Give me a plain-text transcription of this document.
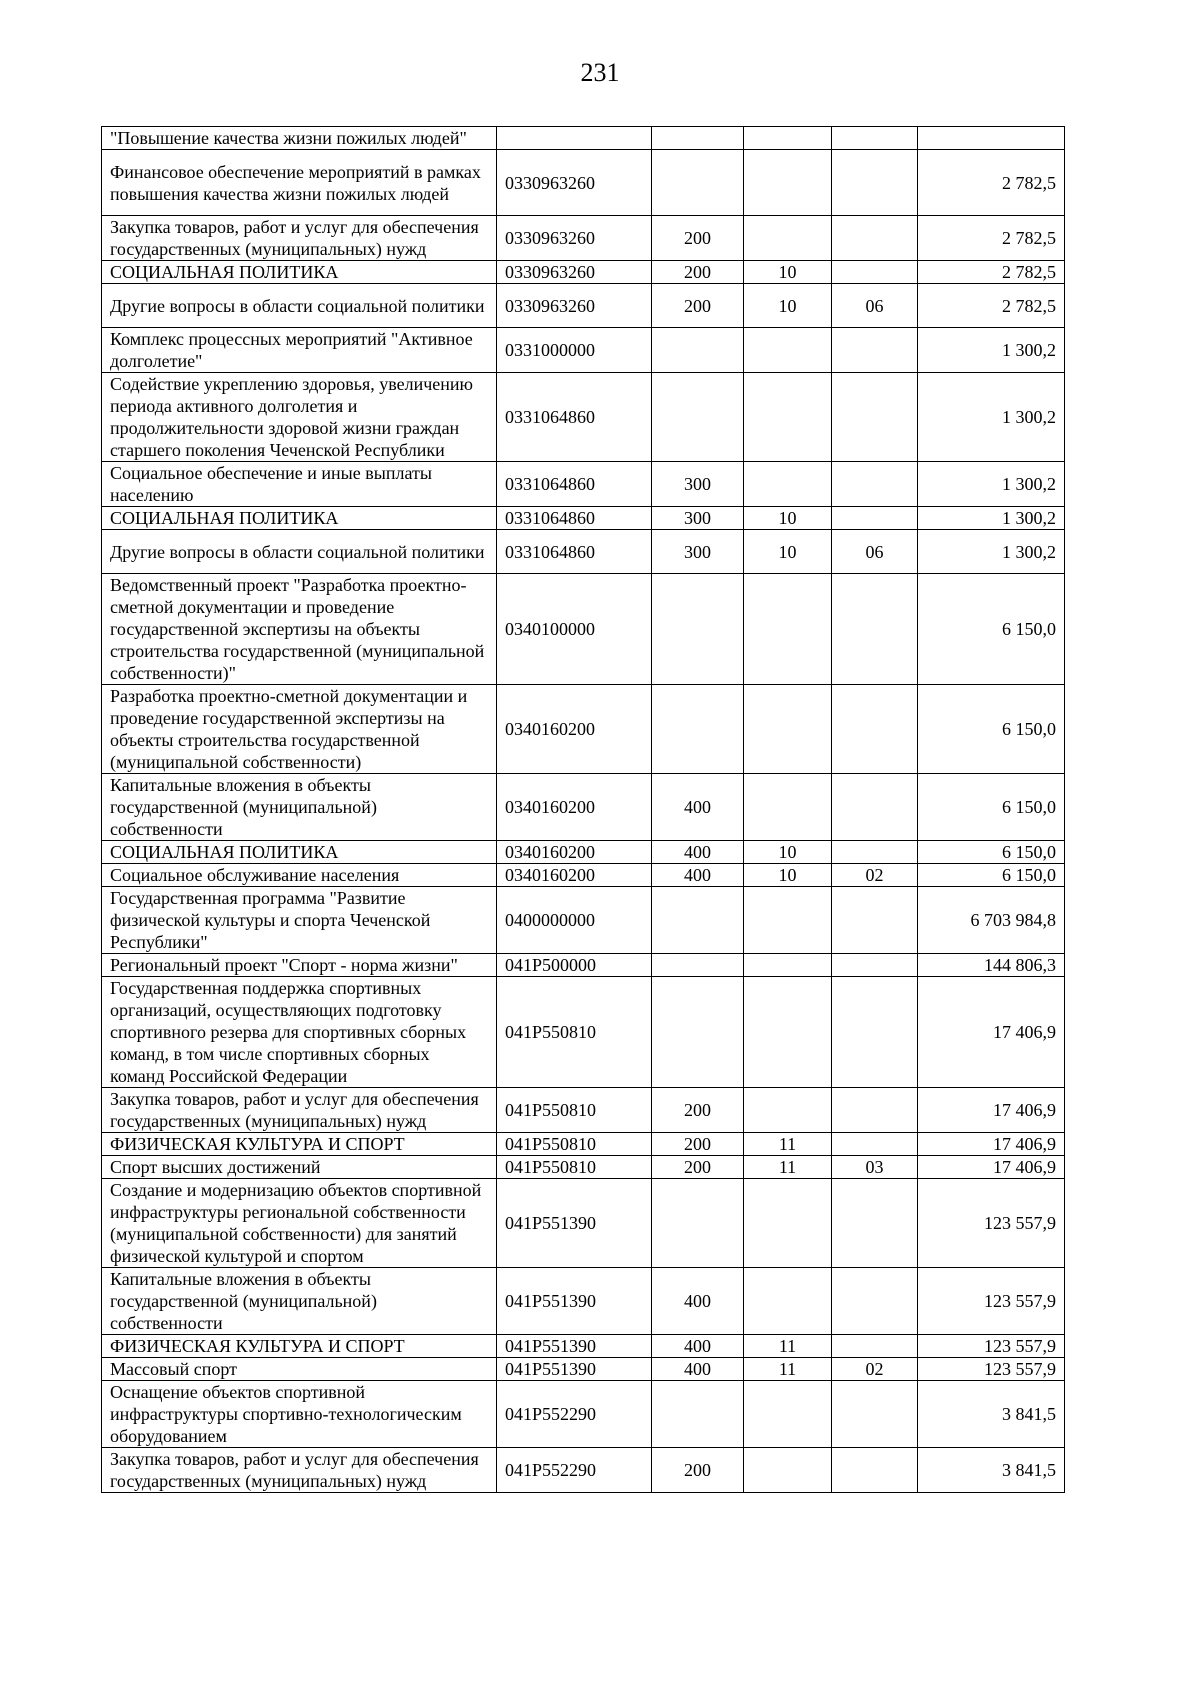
231
"Повышение качества жизни пожилых людей"					
Финансовое обеспечение мероприятий в рамках повышения качества жизни пожилых людей	0330963260				2 782,5
Закупка товаров, работ и услуг для обеспечения государственных (муниципальных) нужд	0330963260	200			2 782,5
СОЦИАЛЬНАЯ ПОЛИТИКА	0330963260	200	10		2 782,5
Другие вопросы в области социальной политики	0330963260	200	10	06	2 782,5
Комплекс процессных мероприятий "Активное долголетие"	0331000000				1 300,2
Содействие укреплению здоровья, увеличению периода активного долголетия и продолжительности здоровой жизни граждан старшего поколения Чеченской Республики	0331064860				1 300,2
Социальное обеспечение и иные выплаты населению	0331064860	300			1 300,2
СОЦИАЛЬНАЯ ПОЛИТИКА	0331064860	300	10		1 300,2
Другие вопросы в области социальной политики	0331064860	300	10	06	1 300,2
Ведомственный проект "Разработка проектно-сметной документации и проведение государственной экспертизы на объекты строительства государственной (муниципальной собственности)"	0340100000				6 150,0
Разработка проектно-сметной документации и проведение государственной экспертизы на объекты строительства государственной (муниципальной собственности)	0340160200				6 150,0
Капитальные вложения в объекты государственной (муниципальной) собственности	0340160200	400			6 150,0
СОЦИАЛЬНАЯ ПОЛИТИКА	0340160200	400	10		6 150,0
Социальное обслуживание населения	0340160200	400	10	02	6 150,0
Государственная программа "Развитие физической культуры и спорта Чеченской Республики"	0400000000				6 703 984,8
Региональный проект "Спорт - норма жизни"	041P500000				144 806,3
Государственная поддержка спортивных организаций, осуществляющих подготовку спортивного резерва для спортивных сборных команд, в том числе спортивных сборных команд Российской Федерации	041P550810				17 406,9
Закупка товаров, работ и услуг для обеспечения государственных (муниципальных) нужд	041P550810	200			17 406,9
ФИЗИЧЕСКАЯ КУЛЬТУРА И СПОРТ	041P550810	200	11		17 406,9
Спорт высших достижений	041P550810	200	11	03	17 406,9
Создание и модернизацию объектов спортивной инфраструктуры региональной собственности (муниципальной собственности) для занятий физической культурой и спортом	041P551390				123 557,9
Капитальные вложения в объекты государственной (муниципальной) собственности	041P551390	400			123 557,9
ФИЗИЧЕСКАЯ КУЛЬТУРА И СПОРТ	041P551390	400	11		123 557,9
Массовый спорт	041P551390	400	11	02	123 557,9
Оснащение объектов спортивной инфраструктуры спортивно-технологическим оборудованием	041P552290				3 841,5
Закупка товаров, работ и услуг для обеспечения государственных (муниципальных) нужд	041P552290	200			3 841,5
